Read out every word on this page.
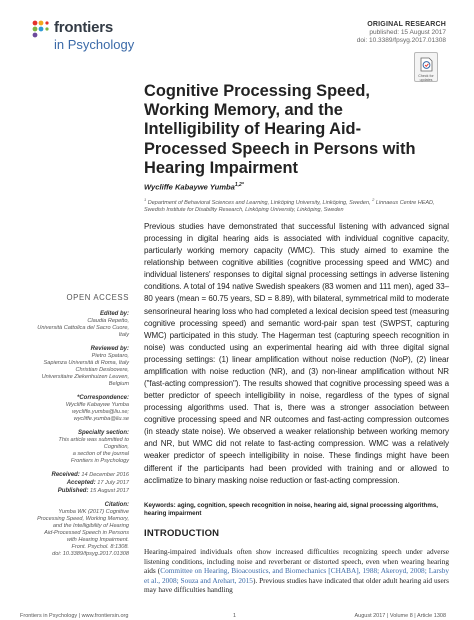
frontiers
in Psychology
ORIGINAL RESEARCH
published: 15 August 2017
doi: 10.3389/fpsyg.2017.01308
Check for updates
Cognitive Processing Speed, Working Memory, and the Intelligibility of Hearing Aid-Processed Speech in Persons with Hearing Impairment
Wycliffe Kabaywe Yumba$^{1,2*}$
$^1$ Department of Behavioral Sciences and Learning, Linköping University, Linköping, Sweden, $^2$ Linnaeus Centre HEAD, Swedish Institute for Disability Research, Linköping University, Linköping, Sweden

Previous studies have demonstrated that successful listening with advanced signal processing in digital hearing aids is associated with individual cognitive capacity, particularly working memory capacity (WMC). This study aimed to examine the relationship between cognitive abilities (cognitive processing speed and WMC) and individual listeners' responses to digital signal processing settings in adverse listening conditions. A total of 194 native Swedish speakers (83 women and 111 men), aged 33–80 years (mean = 60.75 years, SD = 8.89), with bilateral, symmetrical mild to moderate sensorineural hearing loss who had completed a lexical decision speed test (measuring cognitive processing speed) and semantic word-pair span test (SWPST, capturing WMC) participated in this study. The Hagerman test (capturing speech recognition in noise) was conducted using an experimental hearing aid with three digital signal processing settings: (1) linear amplification without noise reduction (NoP), (2) linear amplification with noise reduction (NR), and (3) non-linear amplification without NR ("fast-acting compression"). The results showed that cognitive processing speed was a better predictor of speech intelligibility in noise, regardless of the types of signal processing algorithms used. That is, there was a stronger association between cognitive processing speed and NR outcomes and fast-acting compression outcomes (in steady state noise). We observed a weaker relationship between working memory and NR, but WMC did not relate to fast-acting compression. WMC was a relatively weaker predictor of speech intelligibility in noise. These findings might have been different if the participants had been provided with training and or allowed to acclimatize to binary masking noise reduction or fast-acting compression.

Keywords: aging, cognition, speech recognition in noise, hearing aid, signal processing algorithms, hearing impairment
OPEN ACCESS
Edited by:
Claudia Repetto,
Università Cattolica del Sacro Cuore,
Italy
Reviewed by:
Pietro Spataro,
Sapienza Università di Roma, Italy
Christian Desloovere,
Universitaire Ziekenhuizen Leuven,
Belgium
*Correspondence:
Wycliffe Kabaywe Yumba
wycliffe.yumba@liu.se;
wycliffe.yumba@liu.se
Specialty section:
This article was submitted to
Cognition,
a section of the journal
Frontiers in Psychology
Received: 14 December 2016
Accepted: 17 July 2017
Published: 15 August 2017
Citation:
Yumba WK (2017) Cognitive
Processing Speed, Working Memory,
and the Intelligibility of Hearing
Aid-Processed Speech in Persons
with Hearing Impairment.
Front. Psychol. 8:1308.
doi: 10.3389/fpsyg.2017.01308
INTRODUCTION

Hearing-impaired individuals often show increased difficulties recognizing speech under adverse listening conditions, including noise and reverberant or distorted speech, even when wearing hearing aids (Committee on Hearing, Bioacoustics, and Biomechanics [CHABA], 1988; Akeroyd, 2008; Larsby et al., 2008; Souza and Arehart, 2015). Previous studies have indicated that older adult hearing aid users may have difficulties handling

Frontiers in Psychology | www.frontiersin.org	1	August 2017 | Volume 8 | Article 1308
